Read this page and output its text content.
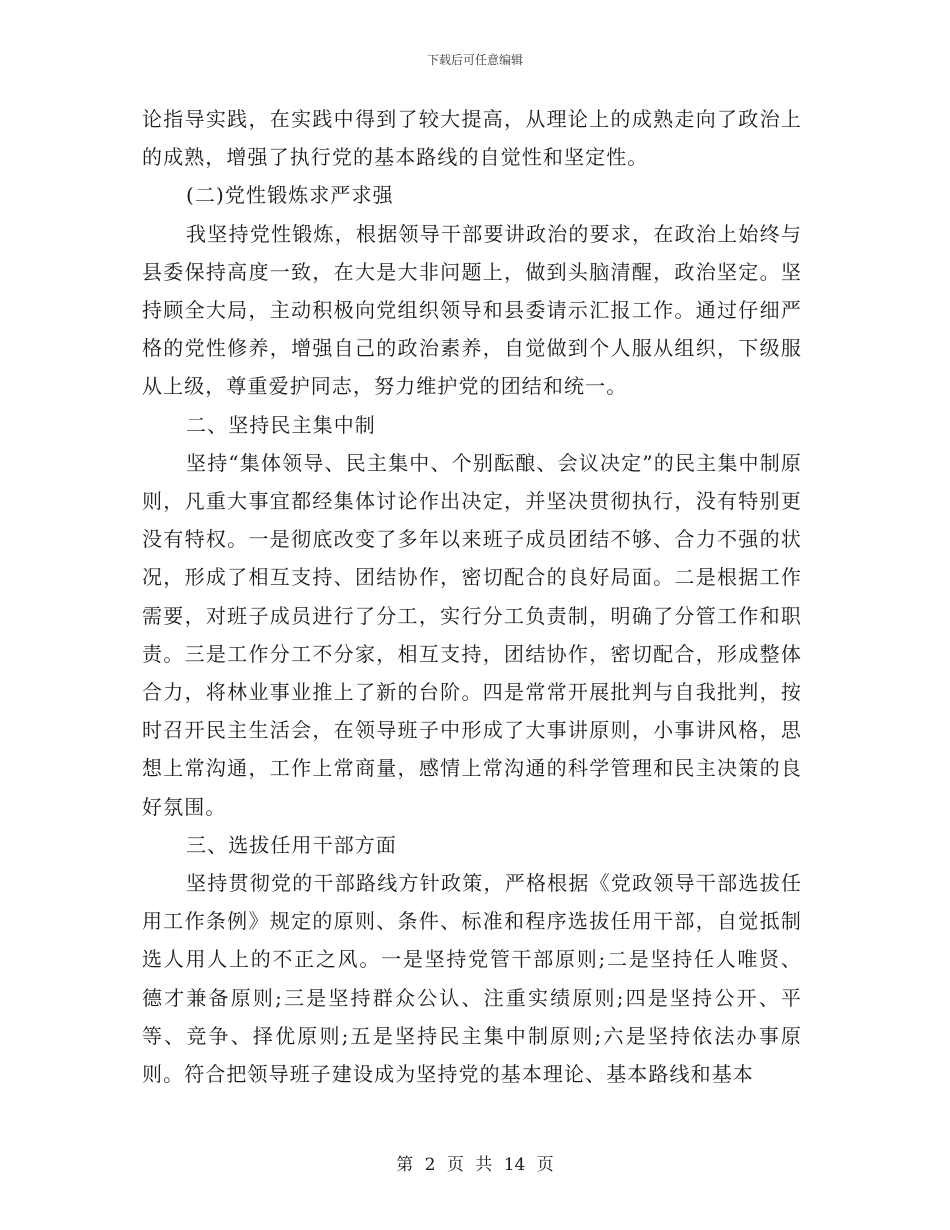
下载后可任意编辑

论指导实践，在实践中得到了较大提高，从理论上的成熟走向了政治上的成熟，增强了执行党的基本路线的自觉性和坚定性。

(二)党性锻炼求严求强

我坚持党性锻炼，根据领导干部要讲政治的要求，在政治上始终与县委保持高度一致，在大是大非问题上，做到头脑清醒，政治坚定。坚持顾全大局，主动积极向党组织领导和县委请示汇报工作。通过仔细严格的党性修养，增强自己的政治素养，自觉做到个人服从组织，下级服从上级，尊重爱护同志，努力维护党的团结和统一。

二、坚持民主集中制

坚持“集体领导、民主集中、个别酝酿、会议决定”的民主集中制原则，凡重大事宜都经集体讨论作出决定，并坚决贯彻执行，没有特别更没有特权。一是彻底改变了多年以来班子成员团结不够、合力不强的状况，形成了相互支持、团结协作，密切配合的良好局面。二是根据工作需要，对班子成员进行了分工，实行分工负责制，明确了分管工作和职责。三是工作分工不分家，相互支持，团结协作，密切配合，形成整体合力，将林业事业推上了新的台阶。四是常常开展批判与自我批判，按时召开民主生活会，在领导班子中形成了大事讲原则，小事讲风格，思想上常沟通，工作上常商量，感情上常沟通的科学管理和民主决策的良好氛围。

三、选拔任用干部方面

坚持贯彻党的干部路线方针政策，严格根据《党政领导干部选拔任用工作条例》规定的原则、条件、标准和程序选拔任用干部，自觉抵制选人用人上的不正之风。一是坚持党管干部原则;二是坚持任人唯贤、德才兼备原则;三是坚持群众公认、注重实绩原则;四是坚持公开、平等、竞争、择优原则;五是坚持民主集中制原则;六是坚持依法办事原则。符合把领导班子建设成为坚持党的基本理论、基本路线和基本

第 2 页 共 14 页
